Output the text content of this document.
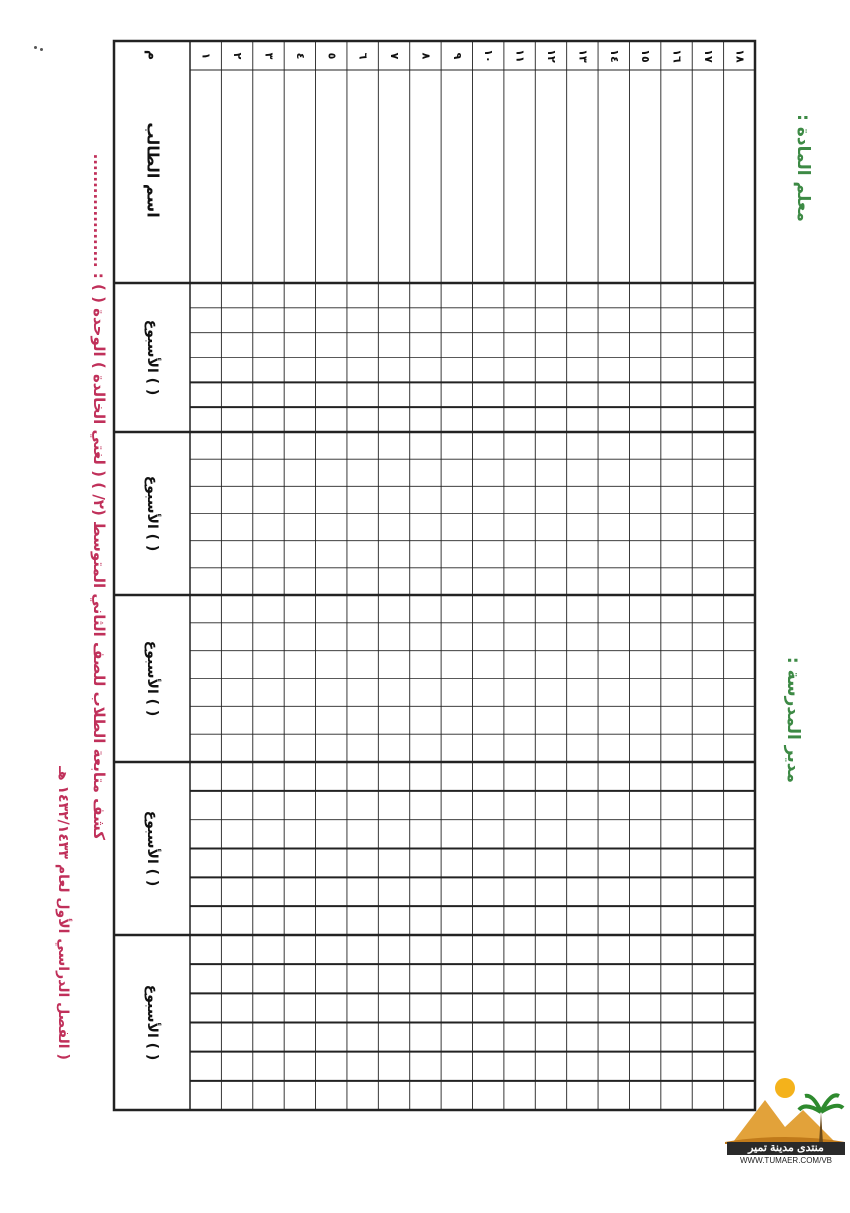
كشف متابعة الطلاب للصف الثاني المتوسط (٢/ ) ( لغتي الخالدة ) الوحدة ( ) : ....................
( الفصل الدراسي الأول لعام ١٤٣٢/١٤٣٣ هـ
م
اسم الطالب
الأسبوع ( )
الأسبوع ( )
الأسبوع ( )
الأسبوع ( )
الأسبوع ( )
١ ٢ ٣ ٤ ٥ ٦ ٧ ٨ ٩ ١٠ ١١ ١٢ ١٣ ١٤ ١٥ ١٦ ١٧ ١٨
معلم المادة :
مدير المدرسة :
منتدى مدينة تمير
WWW.TUMAER.COM/VB
